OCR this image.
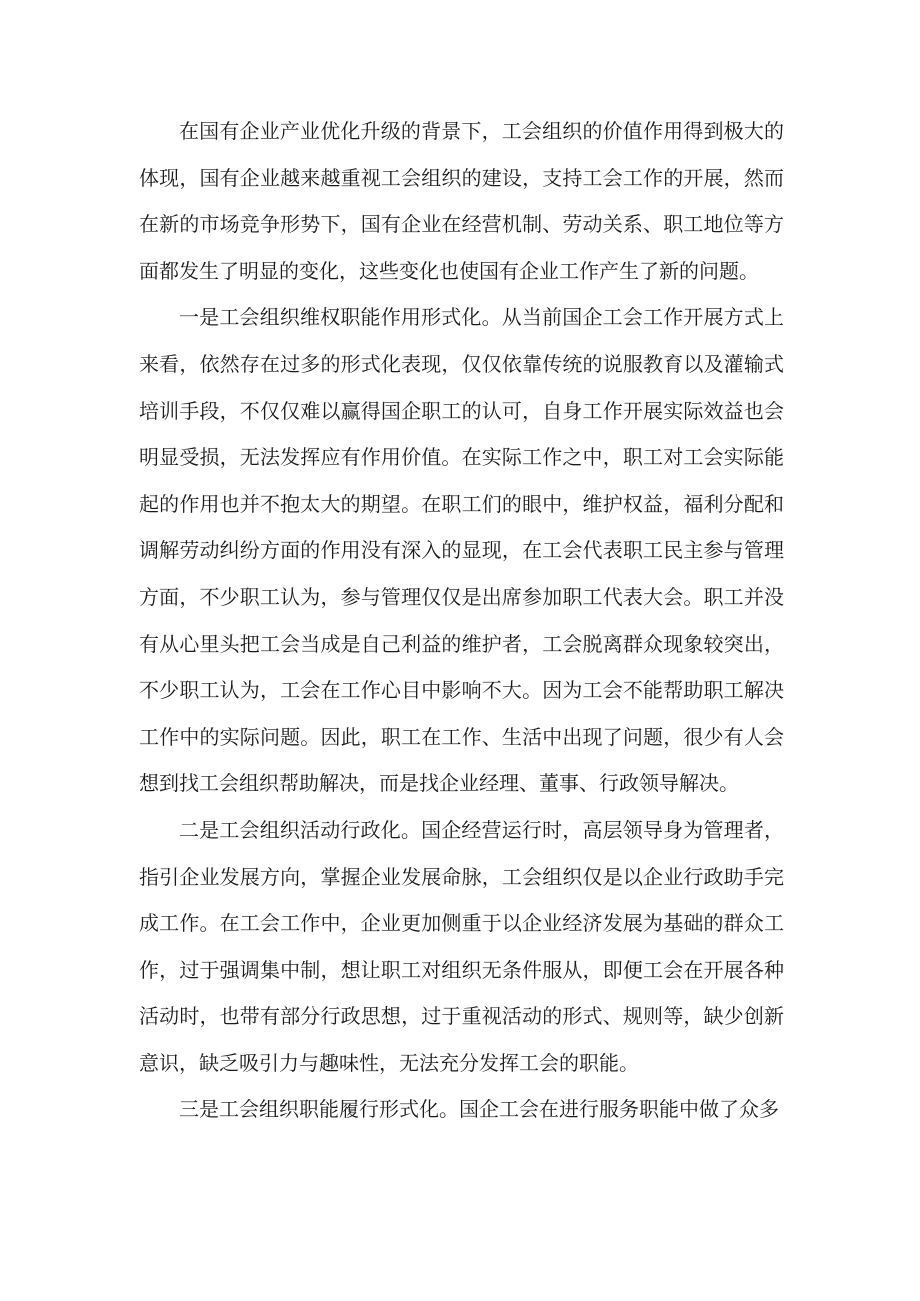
在国有企业产业优化升级的背景下，工会组织的价值作用得到极大的体现，国有企业越来越重视工会组织的建设，支持工会工作的开展，然而在新的市场竞争形势下，国有企业在经营机制、劳动关系、职工地位等方面都发生了明显的变化，这些变化也使国有企业工作产生了新的问题。

一是工会组织维权职能作用形式化。从当前国企工会工作开展方式上来看，依然存在过多的形式化表现，仅仅依靠传统的说服教育以及灌输式培训手段，不仅仅难以赢得国企职工的认可，自身工作开展实际效益也会明显受损，无法发挥应有作用价值。在实际工作之中，职工对工会实际能起的作用也并不抱太大的期望。在职工们的眼中，维护权益，福利分配和调解劳动纠纷方面的作用没有深入的显现，在工会代表职工民主参与管理方面，不少职工认为，参与管理仅仅是出席参加职工代表大会。职工并没有从心里头把工会当成是自己利益的维护者，工会脱离群众现象较突出，不少职工认为，工会在工作心目中影响不大。因为工会不能帮助职工解决工作中的实际问题。因此，职工在工作、生活中出现了问题，很少有人会想到找工会组织帮助解决，而是找企业经理、董事、行政领导解决。

二是工会组织活动行政化。国企经营运行时，高层领导身为管理者，指引企业发展方向，掌握企业发展命脉，工会组织仅是以企业行政助手完成工作。在工会工作中，企业更加侧重于以企业经济发展为基础的群众工作，过于强调集中制，想让职工对组织无条件服从，即便工会在开展各种活动时，也带有部分行政思想，过于重视活动的形式、规则等，缺少创新意识，缺乏吸引力与趣味性，无法充分发挥工会的职能。

三是工会组织职能履行形式化。国企工会在进行服务职能中做了众多
